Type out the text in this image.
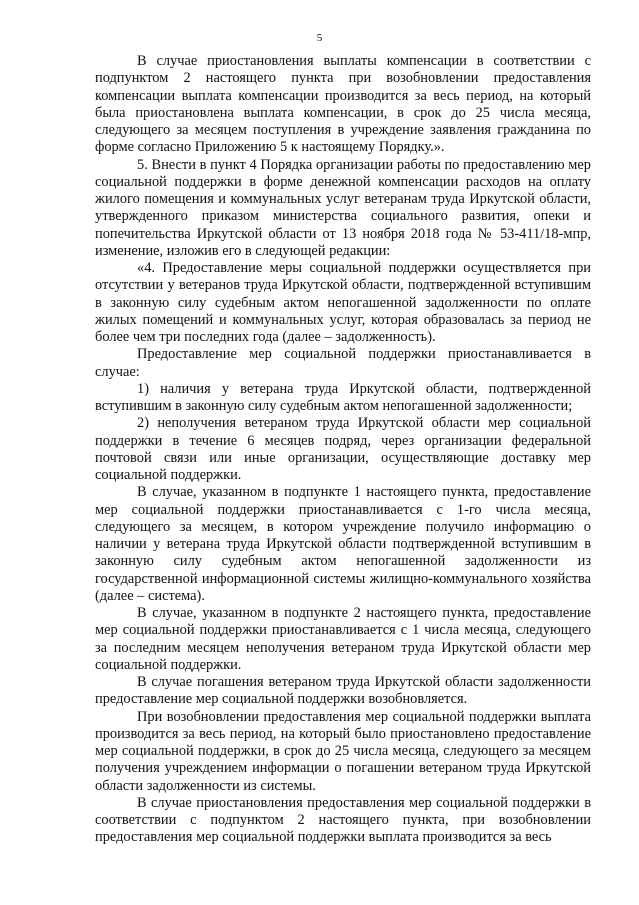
5

В случае приостановления выплаты компенсации в соответствии с подпунктом 2 настоящего пункта при возобновлении предоставления компенсации выплата компенсации производится за весь период, на который была приостановлена выплата компенсации, в срок до 25 числа месяца, следующего за месяцем поступления в учреждение заявления гражданина по форме согласно Приложению 5 к настоящему Порядку.».

5. Внести в пункт 4 Порядка организации работы по предоставлению мер социальной поддержки в форме денежной компенсации расходов на оплату жилого помещения и коммунальных услуг ветеранам труда Иркутской области, утвержденного приказом министерства социального развития, опеки и попечительства Иркутской области от 13 ноября 2018 года № 53-411/18-мпр, изменение, изложив его в следующей редакции:

«4. Предоставление меры социальной поддержки осуществляется при отсутствии у ветеранов труда Иркутской области, подтвержденной вступившим в законную силу судебным актом непогашенной задолженности по оплате жилых помещений и коммунальных услуг, которая образовалась за период не более чем три последних года (далее – задолженность).

Предоставление мер социальной поддержки приостанавливается в случае:

1) наличия у ветерана труда Иркутской области, подтвержденной вступившим в законную силу судебным актом непогашенной задолженности;

2) неполучения ветераном труда Иркутской области мер социальной поддержки в течение 6 месяцев подряд, через организации федеральной почтовой связи или иные организации, осуществляющие доставку мер социальной поддержки.

В случае, указанном в подпункте 1 настоящего пункта, предоставление мер социальной поддержки приостанавливается с 1-го числа месяца, следующего за месяцем, в котором учреждение получило информацию о наличии у ветерана труда Иркутской области подтвержденной вступившим в законную силу судебным актом непогашенной задолженности из государственной информационной системы жилищно-коммунального хозяйства (далее – система).

В случае, указанном в подпункте 2 настоящего пункта, предоставление мер социальной поддержки приостанавливается с 1 числа месяца, следующего за последним месяцем неполучения ветераном труда Иркутской области мер социальной поддержки.

В случае погашения ветераном труда Иркутской области задолженности предоставление мер социальной поддержки возобновляется.

При возобновлении предоставления мер социальной поддержки выплата производится за весь период, на который было приостановлено предоставление мер социальной поддержки, в срок до 25 числа месяца, следующего за месяцем получения учреждением информации о погашении ветераном труда Иркутской области задолженности из системы.

В случае приостановления предоставления мер социальной поддержки в соответствии с подпунктом 2 настоящего пункта, при возобновлении предоставления мер социальной поддержки выплата производится за весь
